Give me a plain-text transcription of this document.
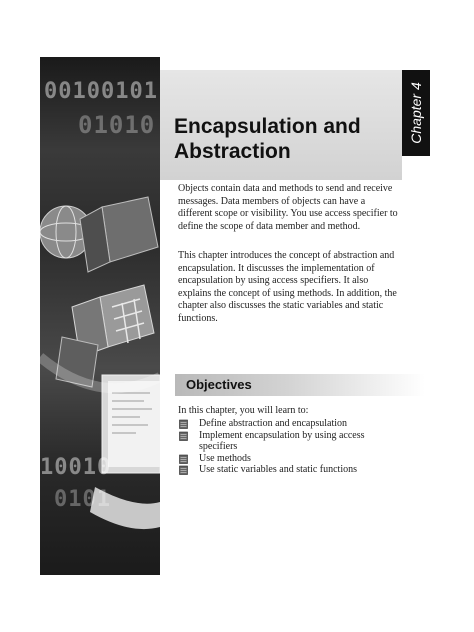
00100101
01010
10010
0101
Chapter 4
Encapsulation and Abstraction

Objects contain data and methods to send and receive messages. Data members of objects can have a different scope or visibility. You use access specifier to define the scope of data member and method.

This chapter introduces the concept of abstraction and encapsulation. It discusses the implementation of encapsulation by using access specifiers. It also explains the concept of using methods. In addition, the chapter also discusses the static variables and static functions.

Objectives

In this chapter, you will learn to:

Define abstraction and encapsulation
Implement encapsulation by using access specifiers
Use methods
Use static variables and static functions
